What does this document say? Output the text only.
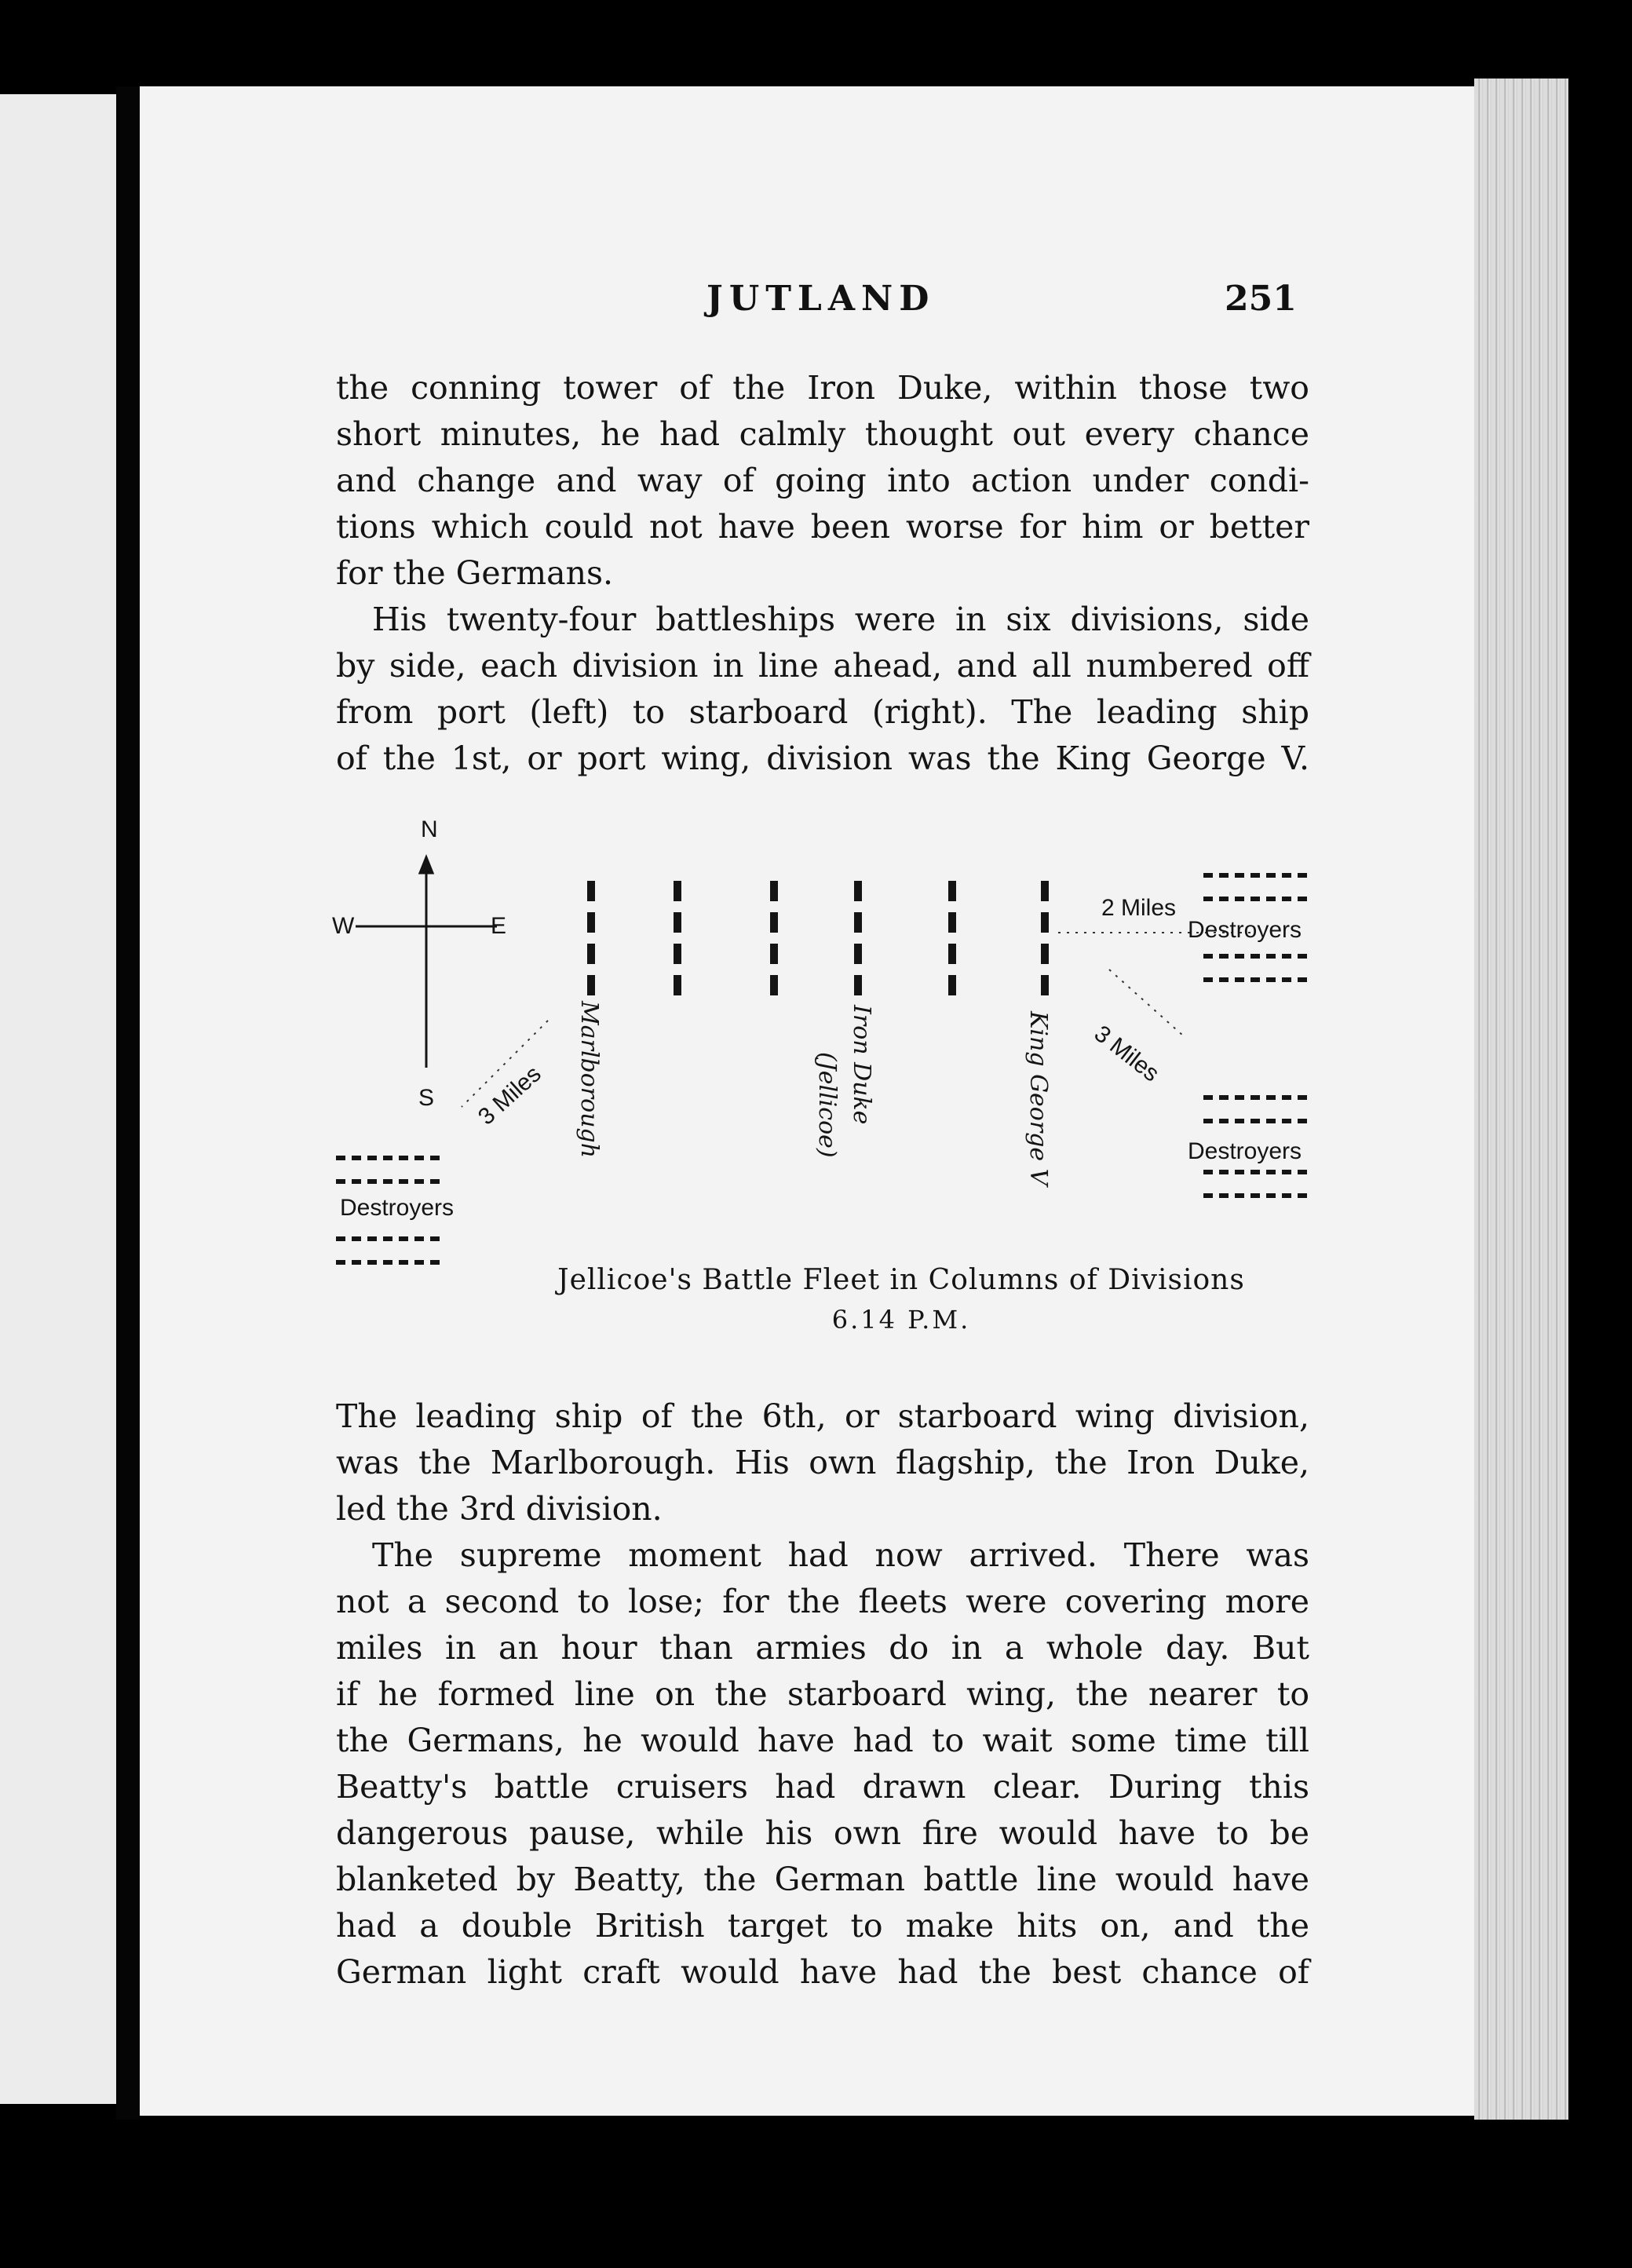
JUTLAND	251
the conning tower of the Iron Duke, within those two
short minutes, he had calmly thought out every chance
and change and way of going into action under condi-
tions which could not have been worse for him or better
for the Germans.
His twenty-four battleships were in six divisions, side
by side, each division in line ahead, and all numbered off
from port (left) to starboard (right). The leading ship
of the 1st, or port wing, division was the King George V.
N
S
W	E
2 Miles
3 Miles
3 Miles
Destroyers
Destroyers
Destroyers
Marlborough	Iron Duke
(Jellicoe)	King George V
Jellicoe's Battle Fleet in Columns of Divisions
6.14 P.M.
The leading ship of the 6th, or starboard wing division,
was the Marlborough. His own flagship, the Iron Duke,
led the 3rd division.
The supreme moment had now arrived. There was
not a second to lose; for the fleets were covering more
miles in an hour than armies do in a whole day. But
if he formed line on the starboard wing, the nearer to
the Germans, he would have had to wait some time till
Beatty's battle cruisers had drawn clear. During this
dangerous pause, while his own fire would have to be
blanketed by Beatty, the German battle line would have
had a double British target to make hits on, and the
German light craft would have had the best chance of
